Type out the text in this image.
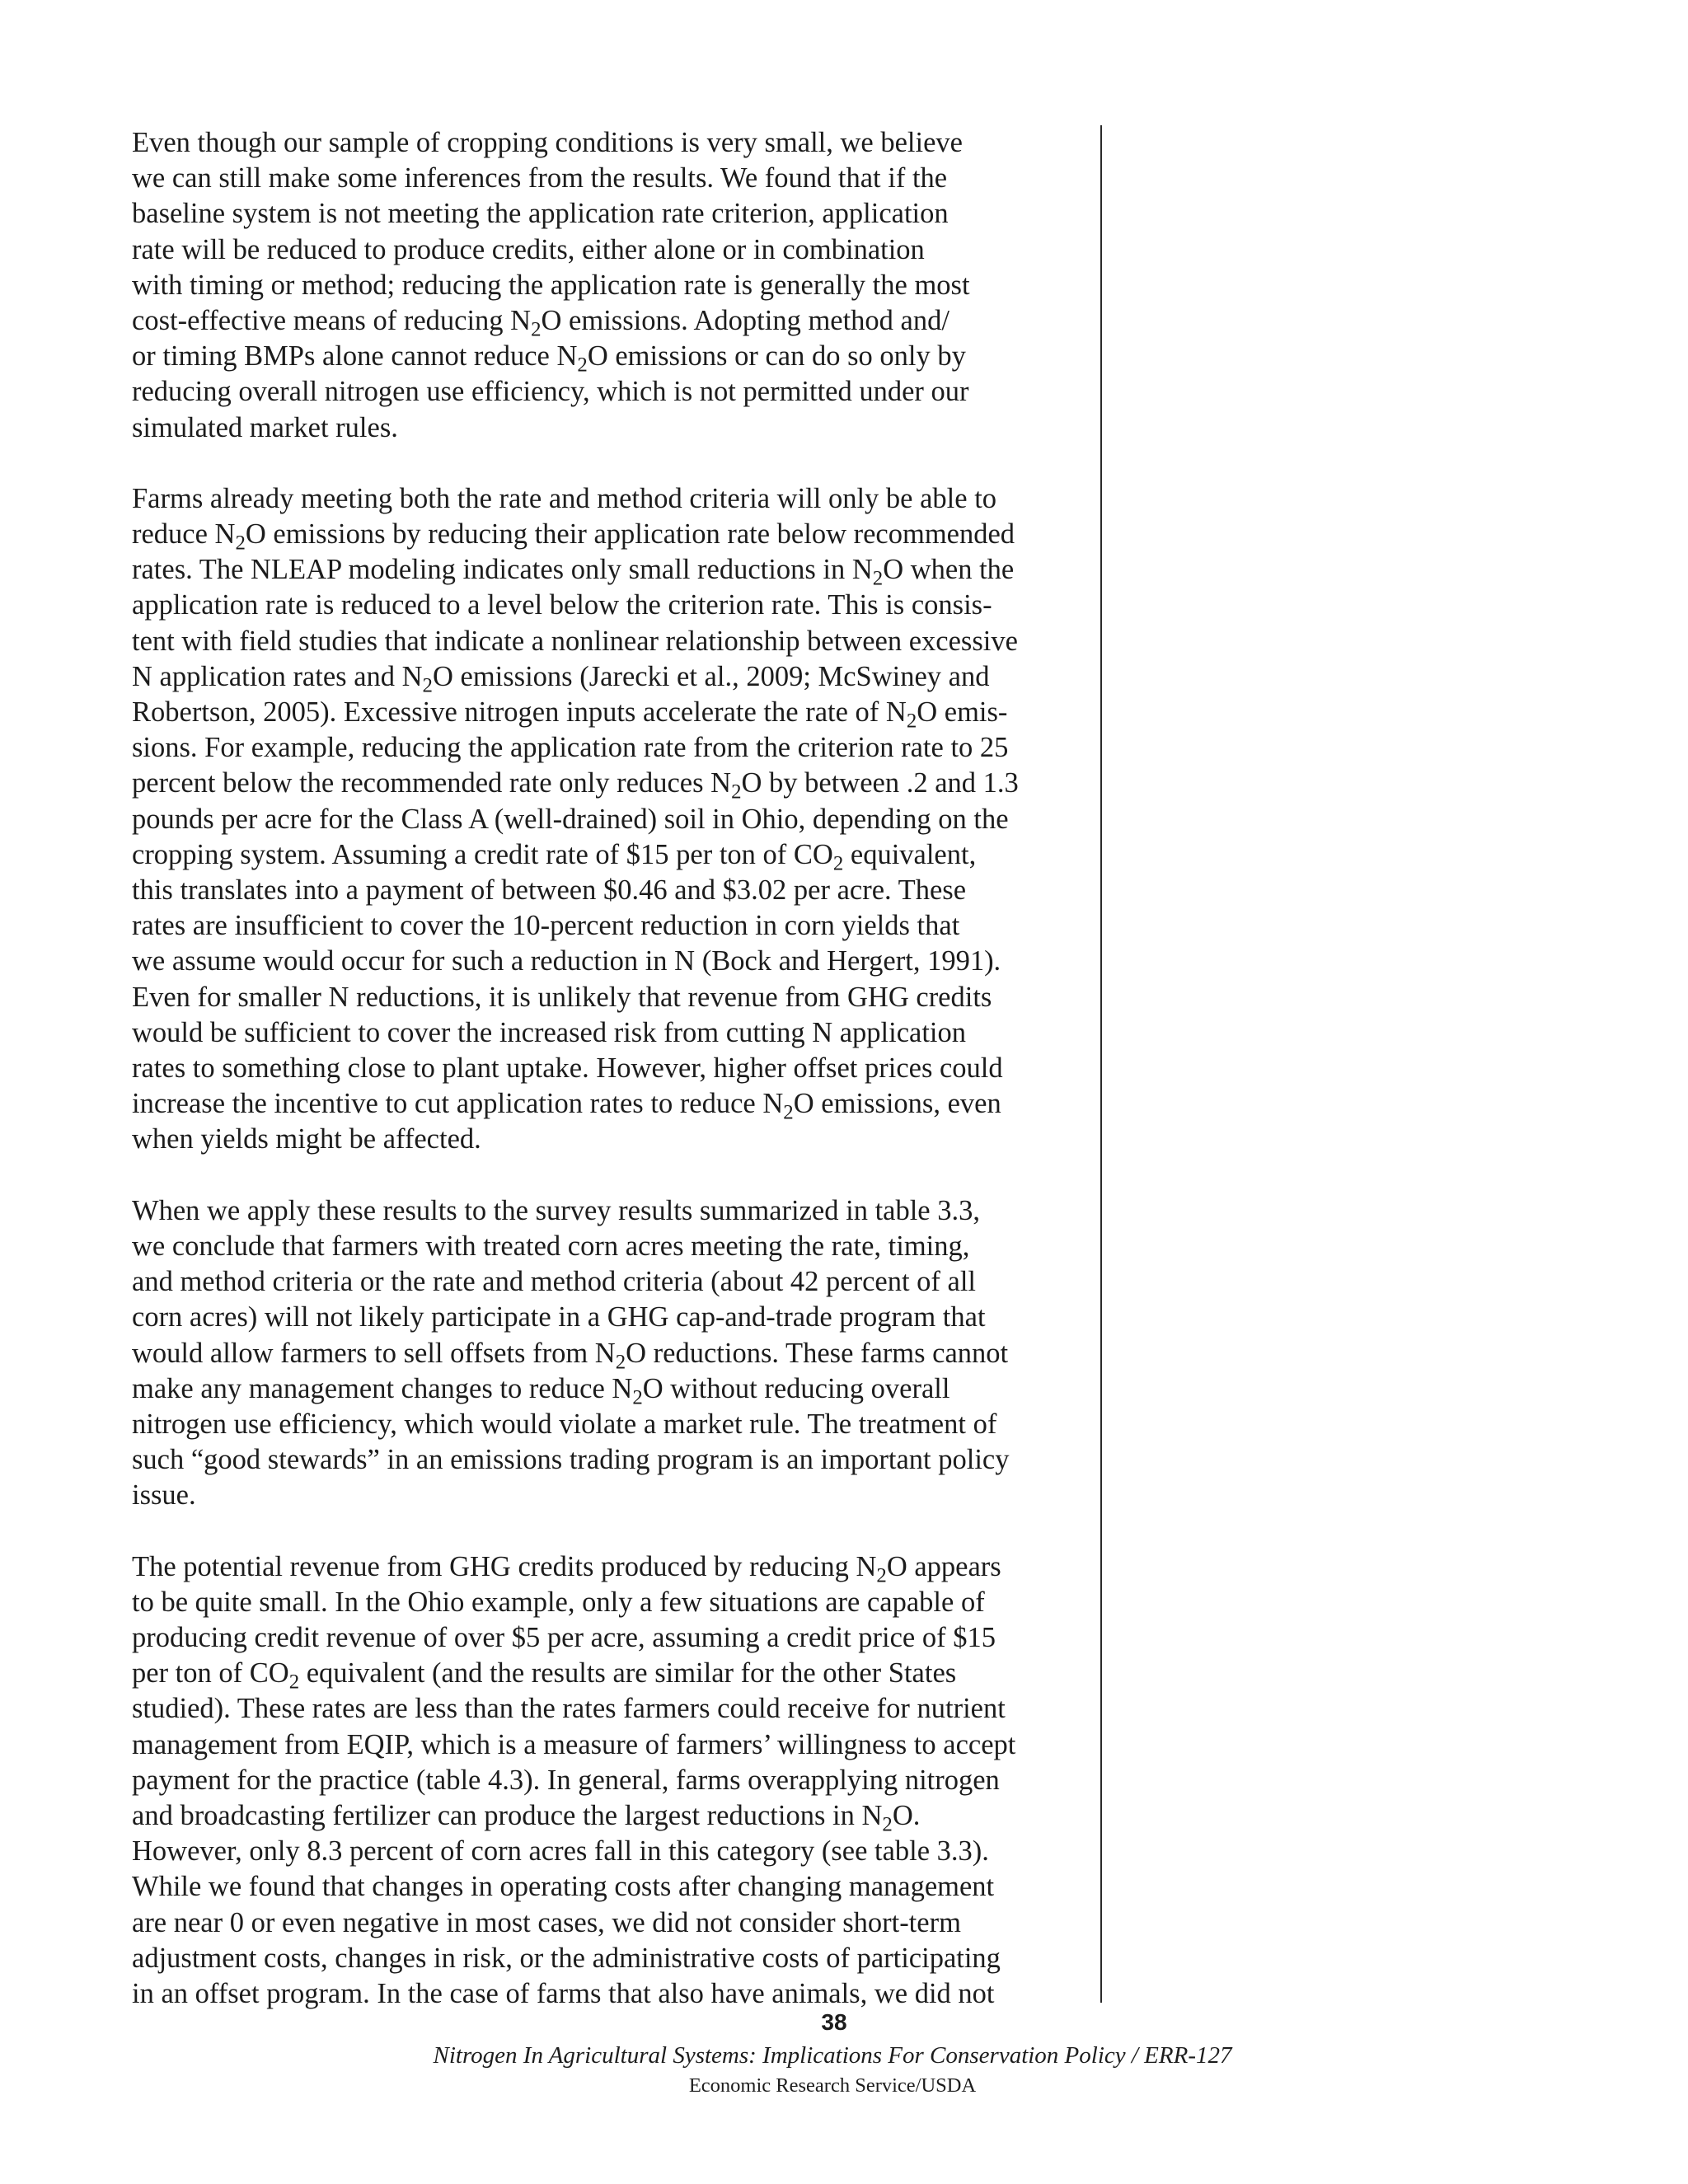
Even though our sample of cropping conditions is very small, we believe
we can still make some inferences from the results. We found that if the
baseline system is not meeting the application rate criterion, application
rate will be reduced to produce credits, either alone or in combination
with timing or method; reducing the application rate is generally the most
cost-effective means of reducing $N_2O$ emissions. Adopting method and/
or timing BMPs alone cannot reduce $N_2O$ emissions or can do so only by
reducing overall nitrogen use efficiency, which is not permitted under our
simulated market rules.
Farms already meeting both the rate and method criteria will only be able to
reduce $N_2O$ emissions by reducing their application rate below recommended
rates. The NLEAP modeling indicates only small reductions in $N_2O$ when the
application rate is reduced to a level below the criterion rate. This is consis-
tent with field studies that indicate a nonlinear relationship between excessive
N application rates and $N_2O$ emissions (Jarecki et al., 2009; McSwiney and
Robertson, 2005). Excessive nitrogen inputs accelerate the rate of $N_2O$ emis-
sions. For example, reducing the application rate from the criterion rate to 25
percent below the recommended rate only reduces $N_2O$ by between .2 and 1.3
pounds per acre for the Class A (well-drained) soil in Ohio, depending on the
cropping system. Assuming a credit rate of $15 per ton of $CO_2$ equivalent,
this translates into a payment of between $0.46 and $3.02 per acre. These
rates are insufficient to cover the 10-percent reduction in corn yields that
we assume would occur for such a reduction in N (Bock and Hergert, 1991).
Even for smaller N reductions, it is unlikely that revenue from GHG credits
would be sufficient to cover the increased risk from cutting N application
rates to something close to plant uptake. However, higher offset prices could
increase the incentive to cut application rates to reduce $N_2O$ emissions, even
when yields might be affected.
When we apply these results to the survey results summarized in table 3.3,
we conclude that farmers with treated corn acres meeting the rate, timing,
and method criteria or the rate and method criteria (about 42 percent of all
corn acres) will not likely participate in a GHG cap-and-trade program that
would allow farmers to sell offsets from $N_2O$ reductions. These farms cannot
make any management changes to reduce $N_2O$ without reducing overall
nitrogen use efficiency, which would violate a market rule. The treatment of
such “good stewards” in an emissions trading program is an important policy
issue.
The potential revenue from GHG credits produced by reducing $N_2O$ appears
to be quite small. In the Ohio example, only a few situations are capable of
producing credit revenue of over $5 per acre, assuming a credit price of $15
per ton of $CO_2$ equivalent (and the results are similar for the other States
studied). These rates are less than the rates farmers could receive for nutrient
management from EQIP, which is a measure of farmers’ willingness to accept
payment for the practice (table 4.3). In general, farms overapplying nitrogen
and broadcasting fertilizer can produce the largest reductions in $N_2O$.
However, only 8.3 percent of corn acres fall in this category (see table 3.3).
While we found that changes in operating costs after changing management
are near 0 or even negative in most cases, we did not consider short-term
adjustment costs, changes in risk, or the administrative costs of participating
in an offset program. In the case of farms that also have animals, we did not
38
Nitrogen In Agricultural Systems: Implications For Conservation Policy / ERR-127
Economic Research Service/USDA
